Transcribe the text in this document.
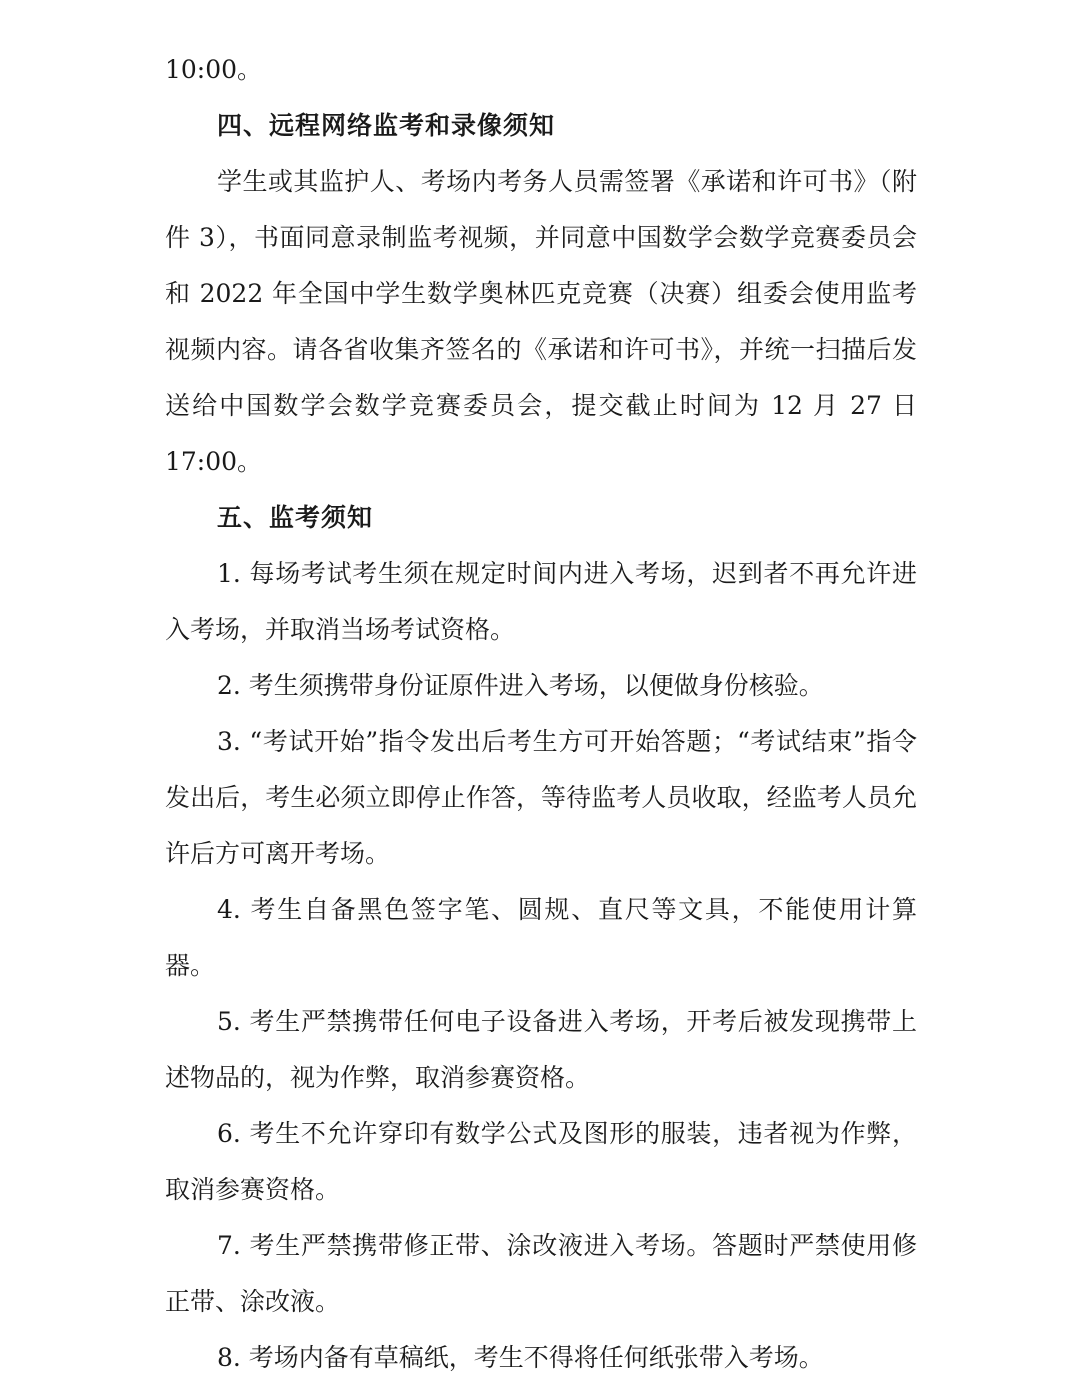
10:00。

四、远程网络监考和录像须知

学生或其监护人、考场内考务人员需签署《承诺和许可书》（附件 3），书面同意录制监考视频，并同意中国数学会数学竞赛委员会和 2022 年全国中学生数学奥林匹克竞赛（决赛）组委会使用监考视频内容。请各省收集齐签名的《承诺和许可书》，并统一扫描后发送给中国数学会数学竞赛委员会，提交截止时间为 12 月 27 日 17:00。

五、监考须知

1. 每场考试考生须在规定时间内进入考场，迟到者不再允许进入考场，并取消当场考试资格。

2. 考生须携带身份证原件进入考场，以便做身份核验。

3. “考试开始”指令发出后考生方可开始答题；“考试结束”指令发出后，考生必须立即停止作答，等待监考人员收取，经监考人员允许后方可离开考场。

4. 考生自备黑色签字笔、圆规、直尺等文具，不能使用计算器。

5. 考生严禁携带任何电子设备进入考场，开考后被发现携带上述物品的，视为作弊，取消参赛资格。

6. 考生不允许穿印有数学公式及图形的服装，违者视为作弊，取消参赛资格。

7. 考生严禁携带修正带、涂改液进入考场。答题时严禁使用修正带、涂改液。

8. 考场内备有草稿纸，考生不得将任何纸张带入考场。
